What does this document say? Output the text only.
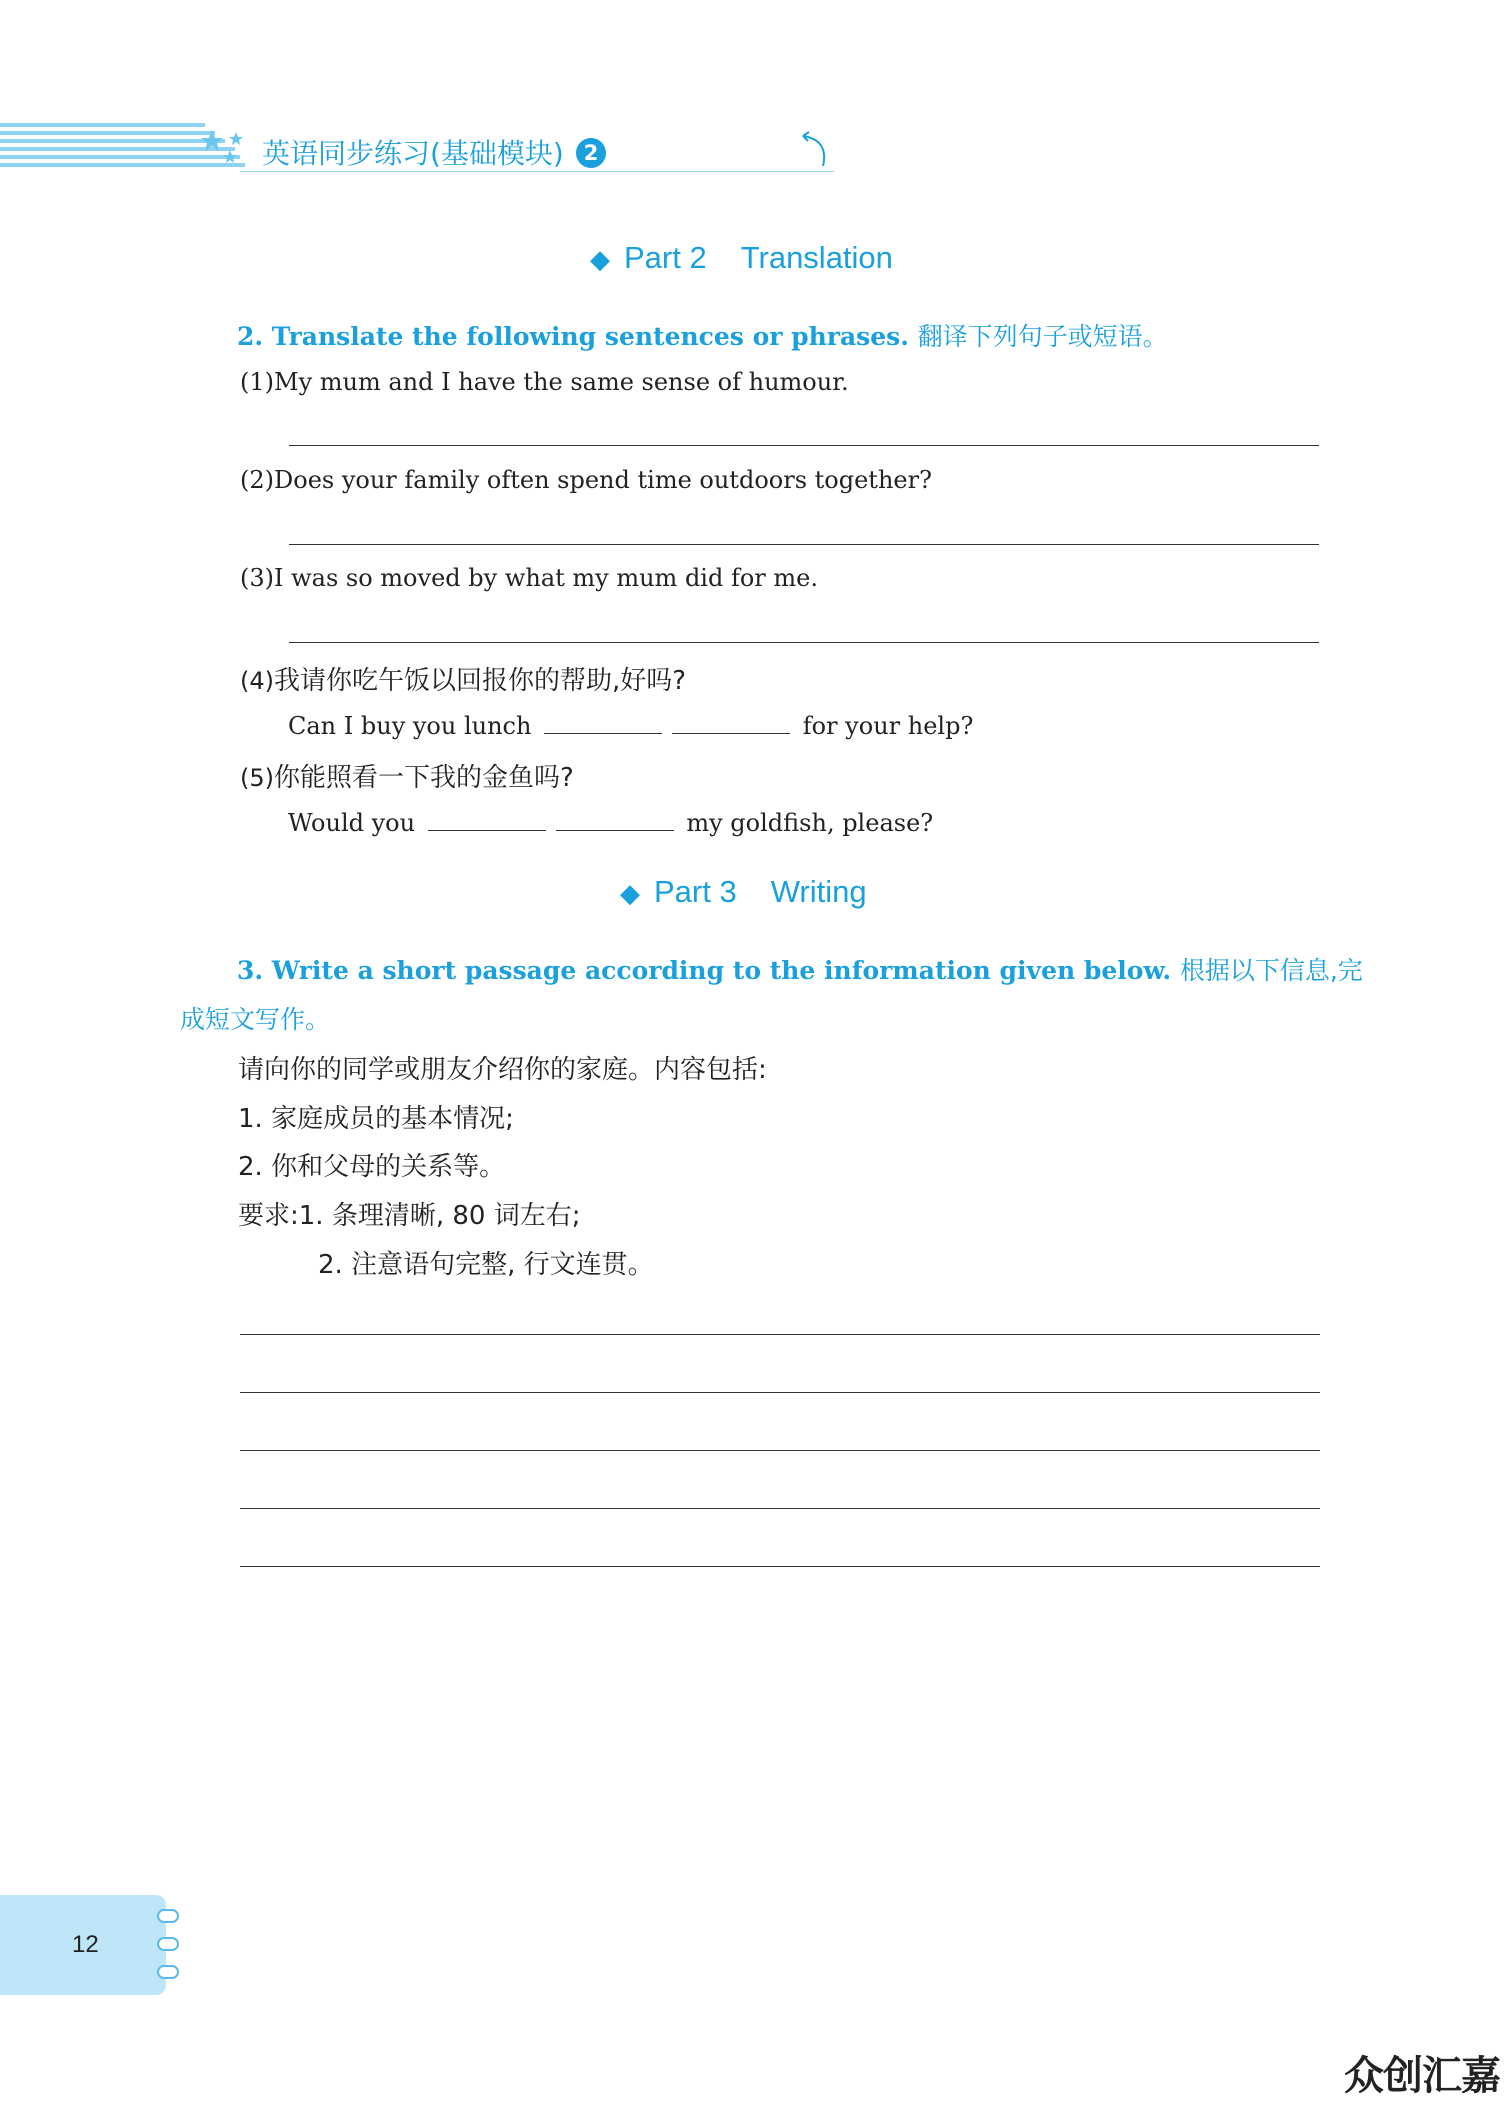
英语同步练习(基础模块) 2
◆ Part 2 Translation
2. Translate the following sentences or phrases. 翻译下列句子或短语。
(1)My mum and I have the same sense of humour.
(2)Does your family often spend time outdoors together?
(3)I was so moved by what my mum did for me.
(4)我请你吃午饭以回报你的帮助,好吗?
Can I buy you lunch	for your help?
(5)你能照看一下我的金鱼吗?
Would you	my goldfish, please?
◆ Part 3 Writing
3. Write a short passage according to the information given below. 根据以下信息,完
成短文写作。
请向你的同学或朋友介绍你的家庭。内容包括:
1. 家庭成员的基本情况;
2. 你和父母的关系等。
要求:1. 条理清晰, 80 词左右;
2. 注意语句完整, 行文连贯。
12
众创汇嘉
